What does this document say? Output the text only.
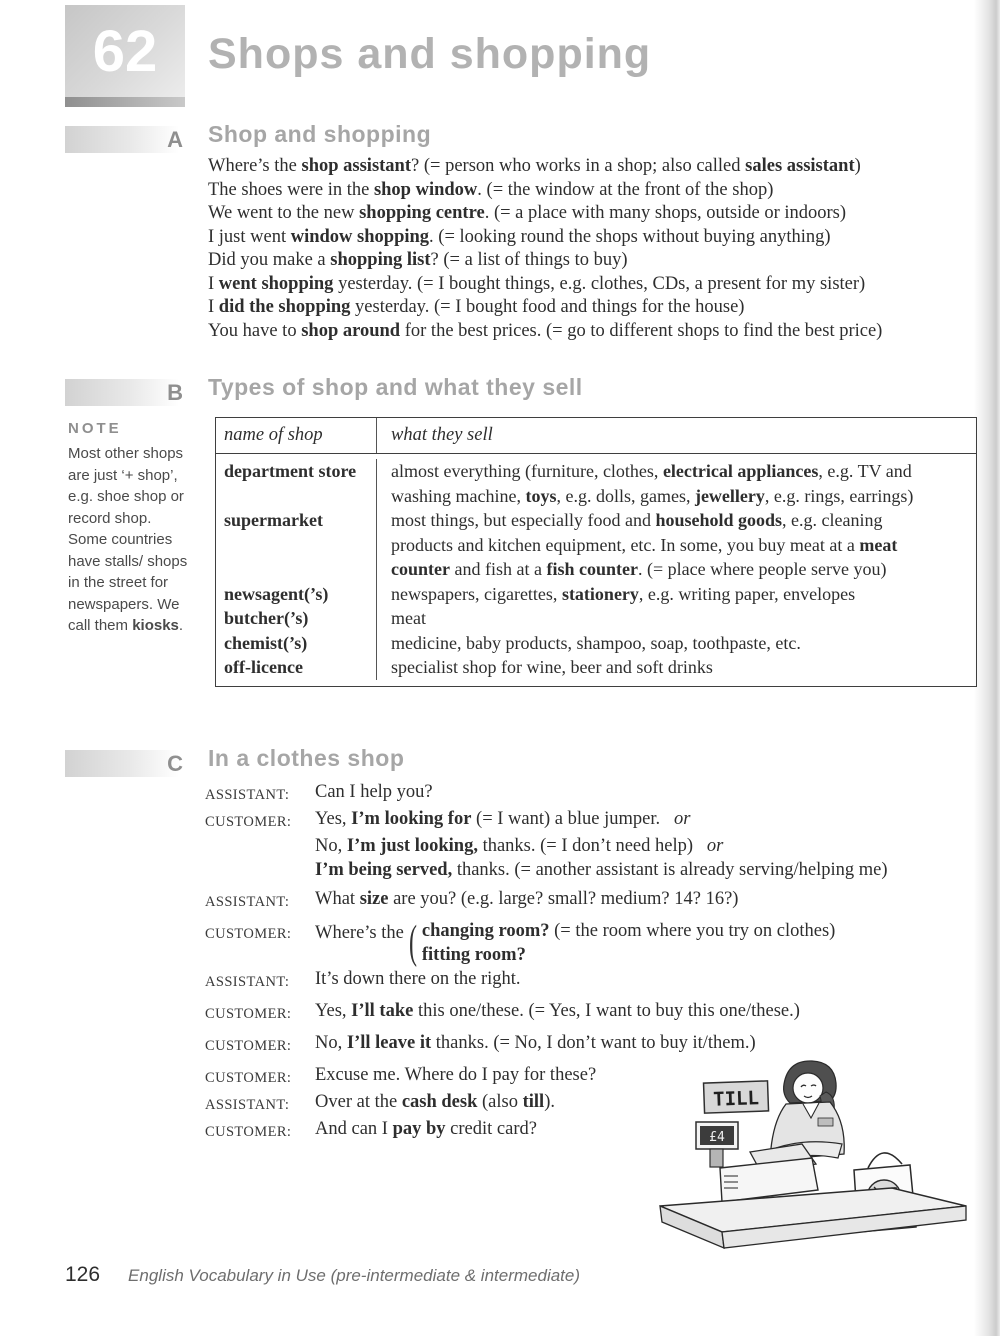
62 Shops and shopping
A Shop and shopping

Where’s the shop assistant? (= person who works in a shop; also called sales assistant)

The shoes were in the shop window. (= the window at the front of the shop)

We went to the new shopping centre. (= a place with many shops, outside or indoors)

I just went window shopping. (= looking round the shops without buying anything)

Did you make a shopping list? (= a list of things to buy)

I went shopping yesterday. (= I bought things, e.g. clothes, CDs, a present for my sister)

I did the shopping yesterday. (= I bought food and things for the house)

You have to shop around for the best prices. (= go to different shops to find the best price)

B Types of shop and what they sell
NOTE
Most other shops are just ‘+ shop’, e.g. shoe shop or record shop. Some countries have stalls/ shops in the street for newspapers. We call them kiosks.
name of shop	what they sell
department store	almost everything (furniture, clothes, electrical appliances, e.g. TV and
washing machine, toys, e.g. dolls, games, jewellery, e.g. rings, earrings)
supermarket	most things, but especially food and household goods, e.g. cleaning
products and kitchen equipment, etc. In some, you buy meat at a meat
counter and fish at a fish counter. (= place where people serve you)
newsagent(’s)	newspapers, cigarettes, stationery, e.g. writing paper, envelopes
butcher(’s)	meat
chemist(’s)	medicine, baby products, shampoo, soap, toothpaste, etc.
off-licence	specialist shop for wine, beer and soft drinks
C In a clothes shop
ASSISTANT:	Can I help you?
CUSTOMER:	Yes, I’m looking for (= I want) a blue jumper.   or
No, I’m just looking, thanks. (= I don’t need help)   or
I’m being served, thanks. (= another assistant is already serving/helping me)
ASSISTANT:	What size are you? (e.g. large? small? medium? 14? 16?)
CUSTOMER:	Where’s the ( changing room? (= the room where you try on clothes)
fitting room?
ASSISTANT:	It’s down there on the right.
CUSTOMER:	Yes, I’ll take this one/these. (= Yes, I want to buy this one/these.)
CUSTOMER:	No, I’ll leave it thanks. (= No, I don’t want to buy it/them.)
CUSTOMER:	Excuse me. Where do I pay for these?
ASSISTANT:	Over at the cash desk (also till).
CUSTOMER:	And can I pay by credit card?
TILL
£4
126 English Vocabulary in Use (pre-intermediate & intermediate)
